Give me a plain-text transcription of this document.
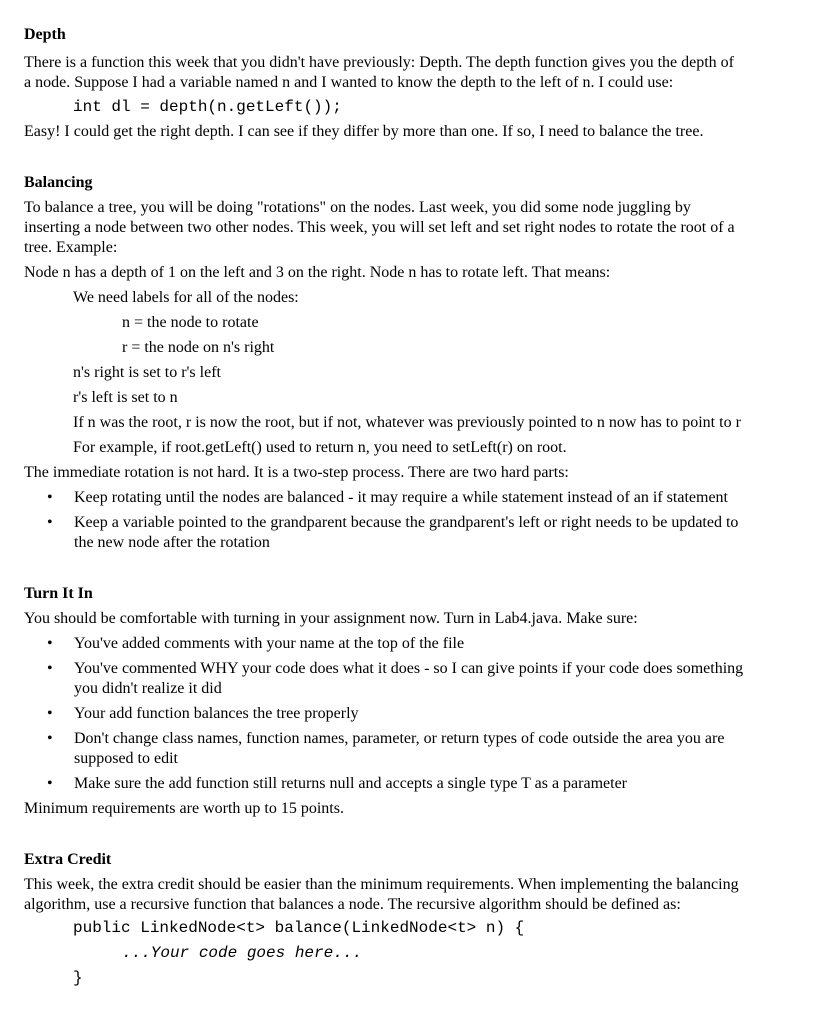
Depth

There is a function this week that you didn't have previously: Depth. The depth function gives you the depth of

a node. Suppose I had a variable named n and I wanted to know the depth to the left of n. I could use:

int dl = depth(n.getLeft());

Easy! I could get the right depth. I can see if they differ by more than one. If so, I need to balance the tree.

Balancing

To balance a tree, you will be doing "rotations" on the nodes. Last week, you did some node juggling by

inserting a node between two other nodes. This week, you will set left and set right nodes to rotate the root of a

tree. Example:

Node n has a depth of 1 on the left and 3 on the right. Node n has to rotate left. That means:

We need labels for all of the nodes:

n = the node to rotate

r = the node on n's right

n's right is set to r's left

r's left is set to n

If n was the root, r is now the root, but if not, whatever was previously pointed to n now has to point to r

For example, if root.getLeft() used to return n, you need to setLeft(r) on root.

The immediate rotation is not hard. It is a two-step process. There are two hard parts:

• Keep rotating until the nodes are balanced - it may require a while statement instead of an if statement
• Keep a variable pointed to the grandparent because the grandparent's left or right needs to be updated to
the new node after the rotation
Turn It In

You should be comfortable with turning in your assignment now. Turn in Lab4.java. Make sure:

• You've added comments with your name at the top of the file
• You've commented WHY your code does what it does - so I can give points if your code does something
you didn't realize it did
• Your add function balances the tree properly
• Don't change class names, function names, parameter, or return types of code outside the area you are
supposed to edit
• Make sure the add function still returns null and accepts a single type T as a parameter

Minimum requirements are worth up to 15 points.

Extra Credit

This week, the extra credit should be easier than the minimum requirements. When implementing the balancing

algorithm, use a recursive function that balances a node. The recursive algorithm should be defined as:

public LinkedNode<t> balance(LinkedNode<t> n) {
...Your code goes here...
}
